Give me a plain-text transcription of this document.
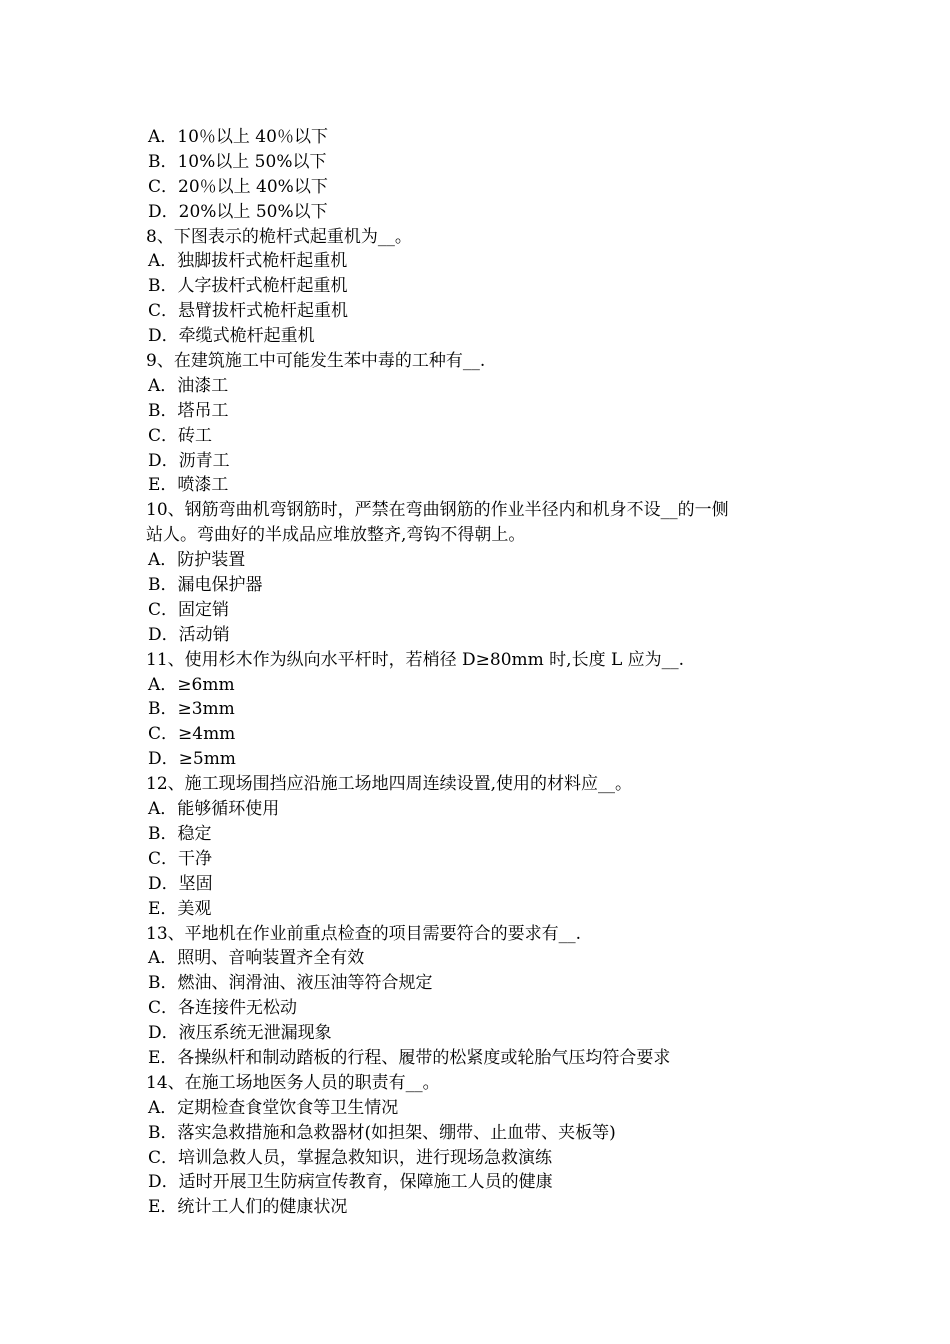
A．10％以上 40％以下
B．10%以上 50%以下
C．20％以上 40%以下
D．20%以上 50%以下
8、下图表示的桅杆式起重机为__。
A．独脚拔杆式桅杆起重机
B．人字拔杆式桅杆起重机
C．悬臂拔杆式桅杆起重机
D．牵缆式桅杆起重机
9、在建筑施工中可能发生苯中毒的工种有__.
A．油漆工
B．塔吊工
C．砖工
D．沥青工
E．喷漆工
10、钢筋弯曲机弯钢筋时，严禁在弯曲钢筋的作业半径内和机身不设__的一侧
站人。弯曲好的半成品应堆放整齐,弯钩不得朝上。
A．防护装置
B．漏电保护器
C．固定销
D．活动销
11、使用杉木作为纵向水平杆时，若梢径 D≥80mm 时,长度 L 应为__.
A．≥6mm
B．≥3mm
C．≥4mm
D．≥5mm
12、施工现场围挡应沿施工场地四周连续设置,使用的材料应__。
A．能够循环使用
B．稳定
C．干净
D．坚固
E．美观
13、平地机在作业前重点检查的项目需要符合的要求有__.
A．照明、音响装置齐全有效
B．燃油、润滑油、液压油等符合规定
C．各连接件无松动
D．液压系统无泄漏现象
E．各操纵杆和制动踏板的行程、履带的松紧度或轮胎气压均符合要求
14、在施工场地医务人员的职责有__。
A．定期检查食堂饮食等卫生情况
B．落实急救措施和急救器材(如担架、绷带、止血带、夹板等)
C．培训急救人员，掌握急救知识，进行现场急救演练
D．适时开展卫生防病宣传教育，保障施工人员的健康
E．统计工人们的健康状况
